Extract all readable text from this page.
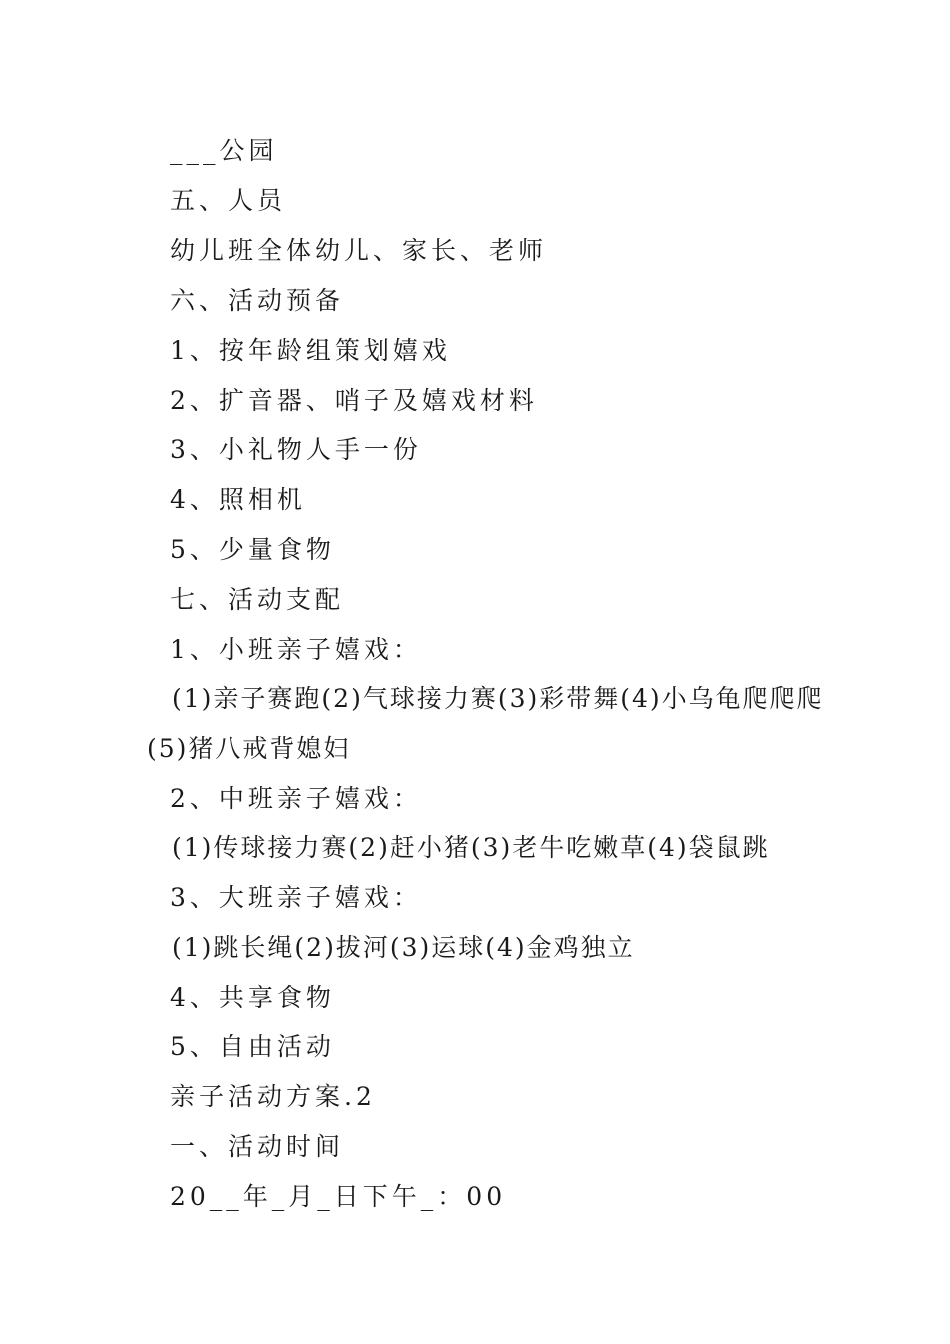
___公园
五、人员
幼儿班全体幼儿、家长、老师
六、活动预备
1、按年龄组策划嬉戏
2、扩音器、哨子及嬉戏材料
3、小礼物人手一份
4、照相机
5、少量食物
七、活动支配
1、小班亲子嬉戏：
(1)亲子赛跑(2)气球接力赛(3)彩带舞(4)小乌龟爬爬爬
(5)猪八戒背媳妇
2、中班亲子嬉戏：
(1)传球接力赛(2)赶小猪(3)老牛吃嫩草(4)袋鼠跳
3、大班亲子嬉戏：
(1)跳长绳(2)拔河(3)运球(4)金鸡独立
4、共享食物
5、自由活动
亲子活动方案.2
一、活动时间
20__年_月_日下午_：00
